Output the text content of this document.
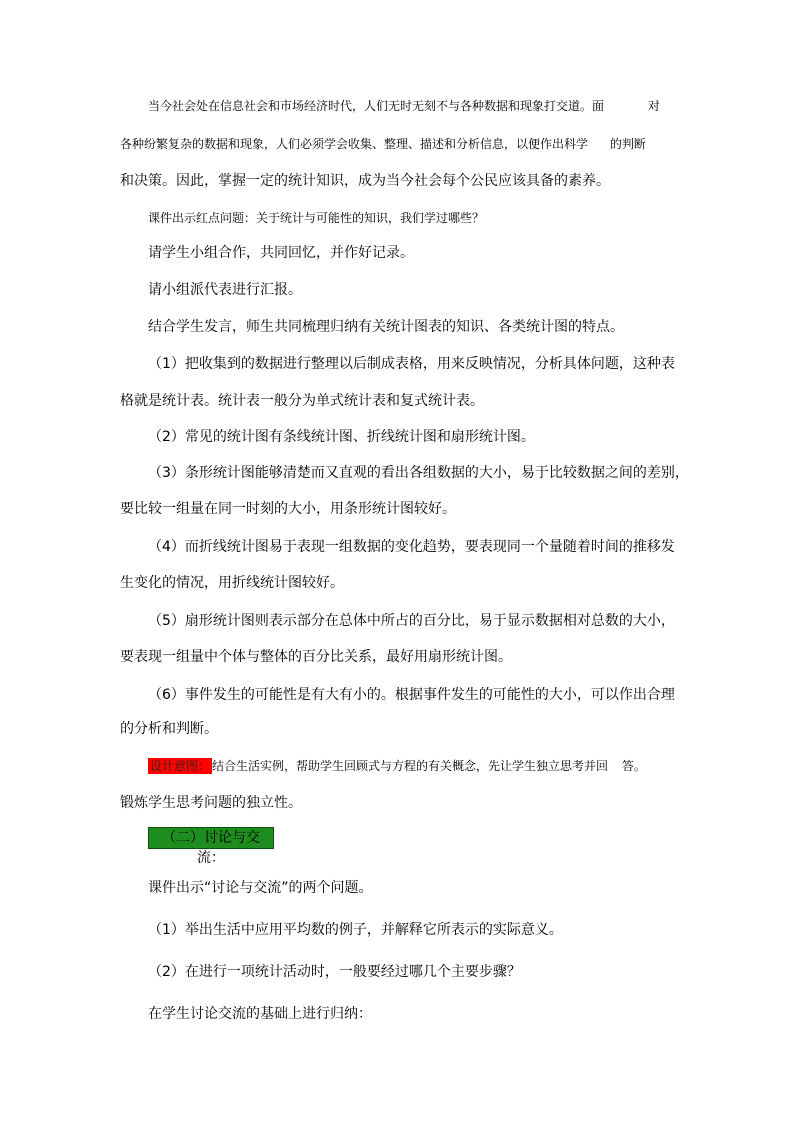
当今社会处在信息社会和市场经济时代，人们无时无刻不与各种数据和现象打交道。面	对
各种纷繁复杂的数据和现象，人们必须学会收集、整理、描述和分析信息，以便作出科学 的判断
和决策。因此，掌握一定的统计知识，成为当今社会每个公民应该具备的素养。
课件出示红点问题：关于统计与可能性的知识，我们学过哪些？
请学生小组合作，共同回忆，并作好记录。
请小组派代表进行汇报。
结合学生发言，师生共同梳理归纳有关统计图表的知识、各类统计图的特点。
（1）把收集到的数据进行整理以后制成表格，用来反映情况，分析具体问题，这种表
格就是统计表。统计表一般分为单式统计表和复式统计表。
（2）常见的统计图有条线统计图、折线统计图和扇形统计图。
（3）条形统计图能够清楚而又直观的看出各组数据的大小，易于比较数据之间的差别，
要比较一组量在同一时刻的大小，用条形统计图较好。
（4）而折线统计图易于表现一组数据的变化趋势，要表现同一个量随着时间的推移发
生变化的情况，用折线统计图较好。
（5）扇形统计图则表示部分在总体中所占的百分比，易于显示数据相对总数的大小，
要表现一组量中个体与整体的百分比关系，最好用扇形统计图。
（6）事件发生的可能性是有大有小的。根据事件发生的可能性的大小，可以作出合理
的分析和判断。
设计意图： 结合生活实例，帮助学生回顾式与方程的有关概念，先让学生独立思考并回 答。
锻炼学生思考问题的独立性。
（二）讨论与交流：
课件出示“讨论与交流”的两个问题。
（1）举出生活中应用平均数的例子，并解释它所表示的实际意义。
（2）在进行一项统计活动时，一般要经过哪几个主要步骤？
在学生讨论交流的基础上进行归纳：
